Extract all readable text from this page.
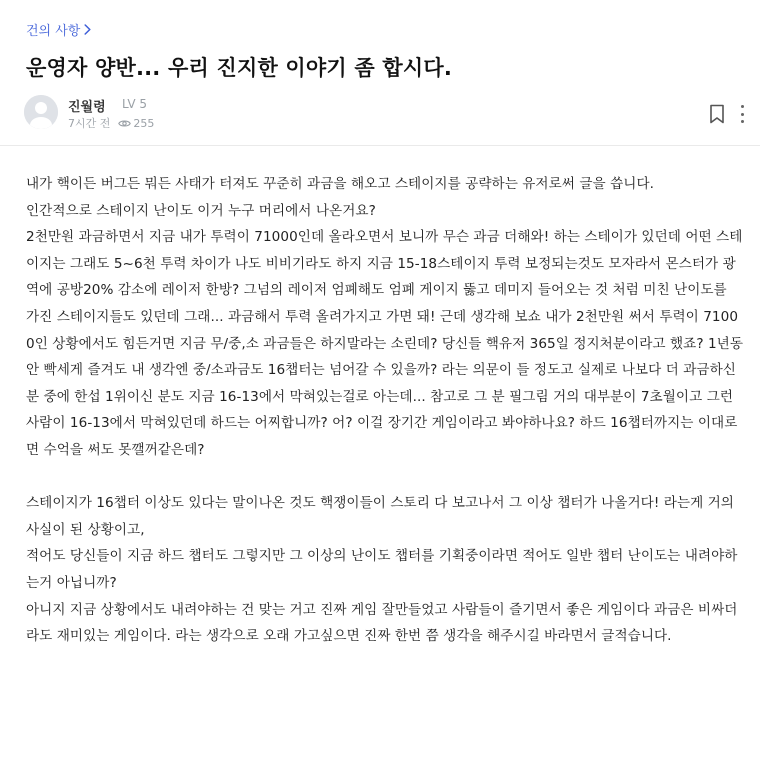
건의 사항
운영자 양반... 우리 진지한 이야기 좀 합시다.
진월령 LV 5
7시간 전 255

내가 핵이든 버그든 뭐든 사태가 터져도 꾸준히 과금을 해오고 스테이지를 공략하는 유저로써 글을 씁니다.

인간적으로 스테이지 난이도 이거 누구 머리에서 나온거요?

2천만원 과금하면서 지금 내가 투력이 71000인데 올라오면서 보니까 무슨 과금 더해와! 하는 스테이가 있던데 어떤 스테이지는 그래도 5~6천 투력 차이가 나도 비비기라도 하지 지금 15-18스테이지 투력 보정되는것도 모자라서 몬스터가 광역에 공방20% 감소에 레이저 한방? 그넘의 레이저 엄폐해도 엄폐 게이지 뚫고 데미지 들어오는 것 처럼 미친 난이도를 가진 스테이지들도 있던데 그래... 과금해서 투력 올려가지고 가면 돼! 근데 생각해 보쇼 내가 2천만원 써서 투력이 71000인 상황에서도 힘든거면 지금 무/중,소 과금들은 하지말라는 소린데? 당신들 핵유저 365일 정지처분이라고 했죠? 1년동안 빡세게 즐겨도 내 생각엔 중/소과금도 16챕터는 넘어갈 수 있을까? 라는 의문이 들 정도고 실제로 나보다 더 과금하신 분 중에 한섭 1위이신 분도 지금 16-13에서 막혀있는걸로 아는데... 참고로 그 분 필그림 거의 대부분이 7초월이고 그런 사람이 16-13에서 막혀있던데 하드는 어찌합니까? 어? 이걸 장기간 게임이라고 봐야하나요? 하드 16챕터까지는 이대로면 수억을 써도 못깰꺼같은데?

스테이지가 16챕터 이상도 있다는 말이나온 것도 핵쟁이들이 스토리 다 보고나서 그 이상 챕터가 나올거다! 라는게 거의 사실이 된 상황이고,

적어도 당신들이 지금 하드 챕터도 그렇지만 그 이상의 난이도 챕터를 기획중이라면 적어도 일반 챕터 난이도는 내려야하는거 아닙니까?

아니지 지금 상황에서도 내려야하는 건 맞는 거고 진짜 게임 잘만들었고 사람들이 즐기면서 좋은 게임이다 과금은 비싸더라도 재미있는 게임이다. 라는 생각으로 오래 가고싶으면 진짜 한번 쯤 생각을 해주시길 바라면서 글적습니다.
